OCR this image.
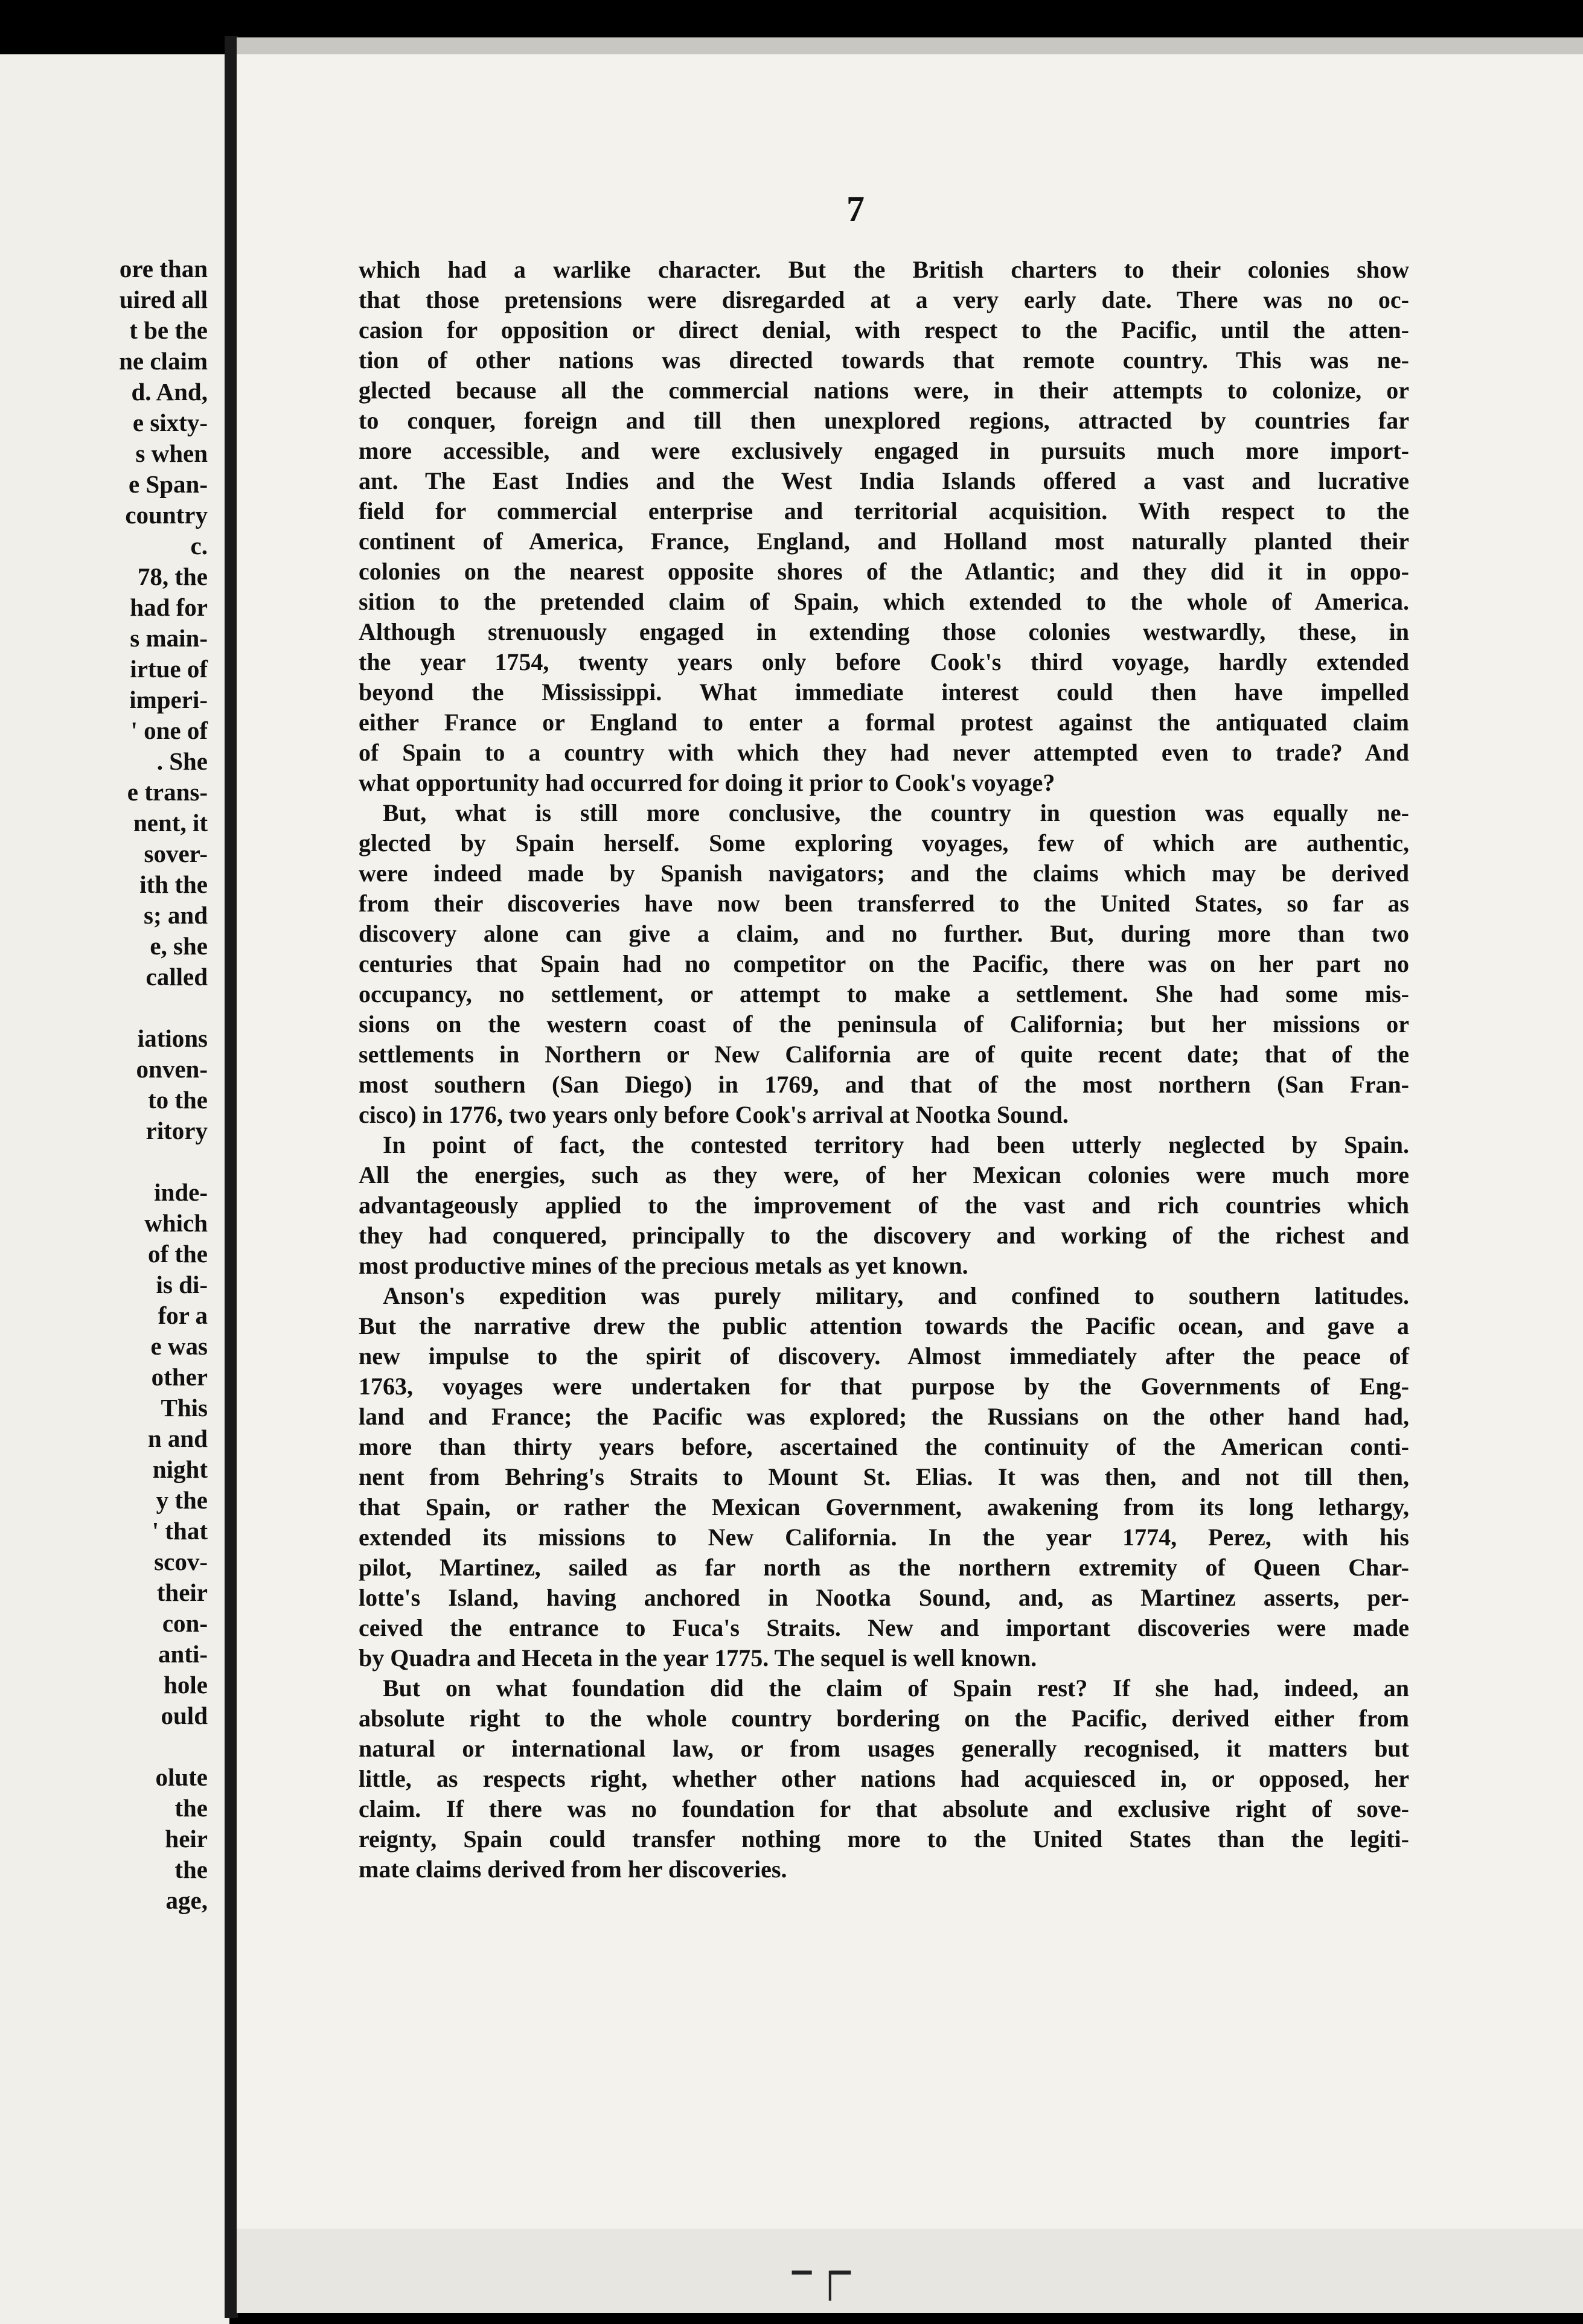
ore than
uired all
t be the
ne claim
d. And,
e sixty-
s when
e Span-
country
c.
78, the
had for
s main-
irtue of
imperi-
' one of
. She
e trans-
nent, it
sover-
ith the
s; and
e, she
called
iations
onven-
to the
ritory
inde-
which
of the
is di-
for a
e was
other
This
n and
night
y the
' that
scov-
their
con-
anti-
hole
ould
olute
the
heir
the
age,
7
which had a warlike character. But the British charters to their colonies show
that those pretensions were disregarded at a very early date. There was no oc-
casion for opposition or direct denial, with respect to the Pacific, until the atten-
tion of other nations was directed towards that remote country. This was ne-
glected because all the commercial nations were, in their attempts to colonize, or
to conquer, foreign and till then unexplored regions, attracted by countries far
more accessible, and were exclusively engaged in pursuits much more import-
ant. The East Indies and the West India Islands offered a vast and lucrative
field for commercial enterprise and territorial acquisition. With respect to the
continent of America, France, England, and Holland most naturally planted their
colonies on the nearest opposite shores of the Atlantic; and they did it in oppo-
sition to the pretended claim of Spain, which extended to the whole of America.
Although strenuously engaged in extending those colonies westwardly, these, in
the year 1754, twenty years only before Cook's third voyage, hardly extended
beyond the Mississippi. What immediate interest could then have impelled
either France or England to enter a formal protest against the antiquated claim
of Spain to a country with which they had never attempted even to trade? And
what opportunity had occurred for doing it prior to Cook's voyage?
But, what is still more conclusive, the country in question was equally ne-
glected by Spain herself. Some exploring voyages, few of which are authentic,
were indeed made by Spanish navigators; and the claims which may be derived
from their discoveries have now been transferred to the United States, so far as
discovery alone can give a claim, and no further. But, during more than two
centuries that Spain had no competitor on the Pacific, there was on her part no
occupancy, no settlement, or attempt to make a settlement. She had some mis-
sions on the western coast of the peninsula of California; but her missions or
settlements in Northern or New California are of quite recent date; that of the
most southern (San Diego) in 1769, and that of the most northern (San Fran-
cisco) in 1776, two years only before Cook's arrival at Nootka Sound.
In point of fact, the contested territory had been utterly neglected by Spain.
All the energies, such as they were, of her Mexican colonies were much more
advantageously applied to the improvement of the vast and rich countries which
they had conquered, principally to the discovery and working of the richest and
most productive mines of the precious metals as yet known.
Anson's expedition was purely military, and confined to southern latitudes.
But the narrative drew the public attention towards the Pacific ocean, and gave a
new impulse to the spirit of discovery. Almost immediately after the peace of
1763, voyages were undertaken for that purpose by the Governments of Eng-
land and France; the Pacific was explored; the Russians on the other hand had,
more than thirty years before, ascertained the continuity of the American conti-
nent from Behring's Straits to Mount St. Elias. It was then, and not till then,
that Spain, or rather the Mexican Government, awakening from its long lethargy,
extended its missions to New California. In the year 1774, Perez, with his
pilot, Martinez, sailed as far north as the northern extremity of Queen Char-
lotte's Island, having anchored in Nootka Sound, and, as Martinez asserts, per-
ceived the entrance to Fuca's Straits. New and important discoveries were made
by Quadra and Heceta in the year 1775. The sequel is well known.
But on what foundation did the claim of Spain rest? If she had, indeed, an
absolute right to the whole country bordering on the Pacific, derived either from
natural or international law, or from usages generally recognised, it matters but
little, as respects right, whether other nations had acquiesced in, or opposed, her
claim. If there was no foundation for that absolute and exclusive right of sove-
reignty, Spain could transfer nothing more to the United States than the legiti-
mate claims derived from her discoveries.
▔▕▔
